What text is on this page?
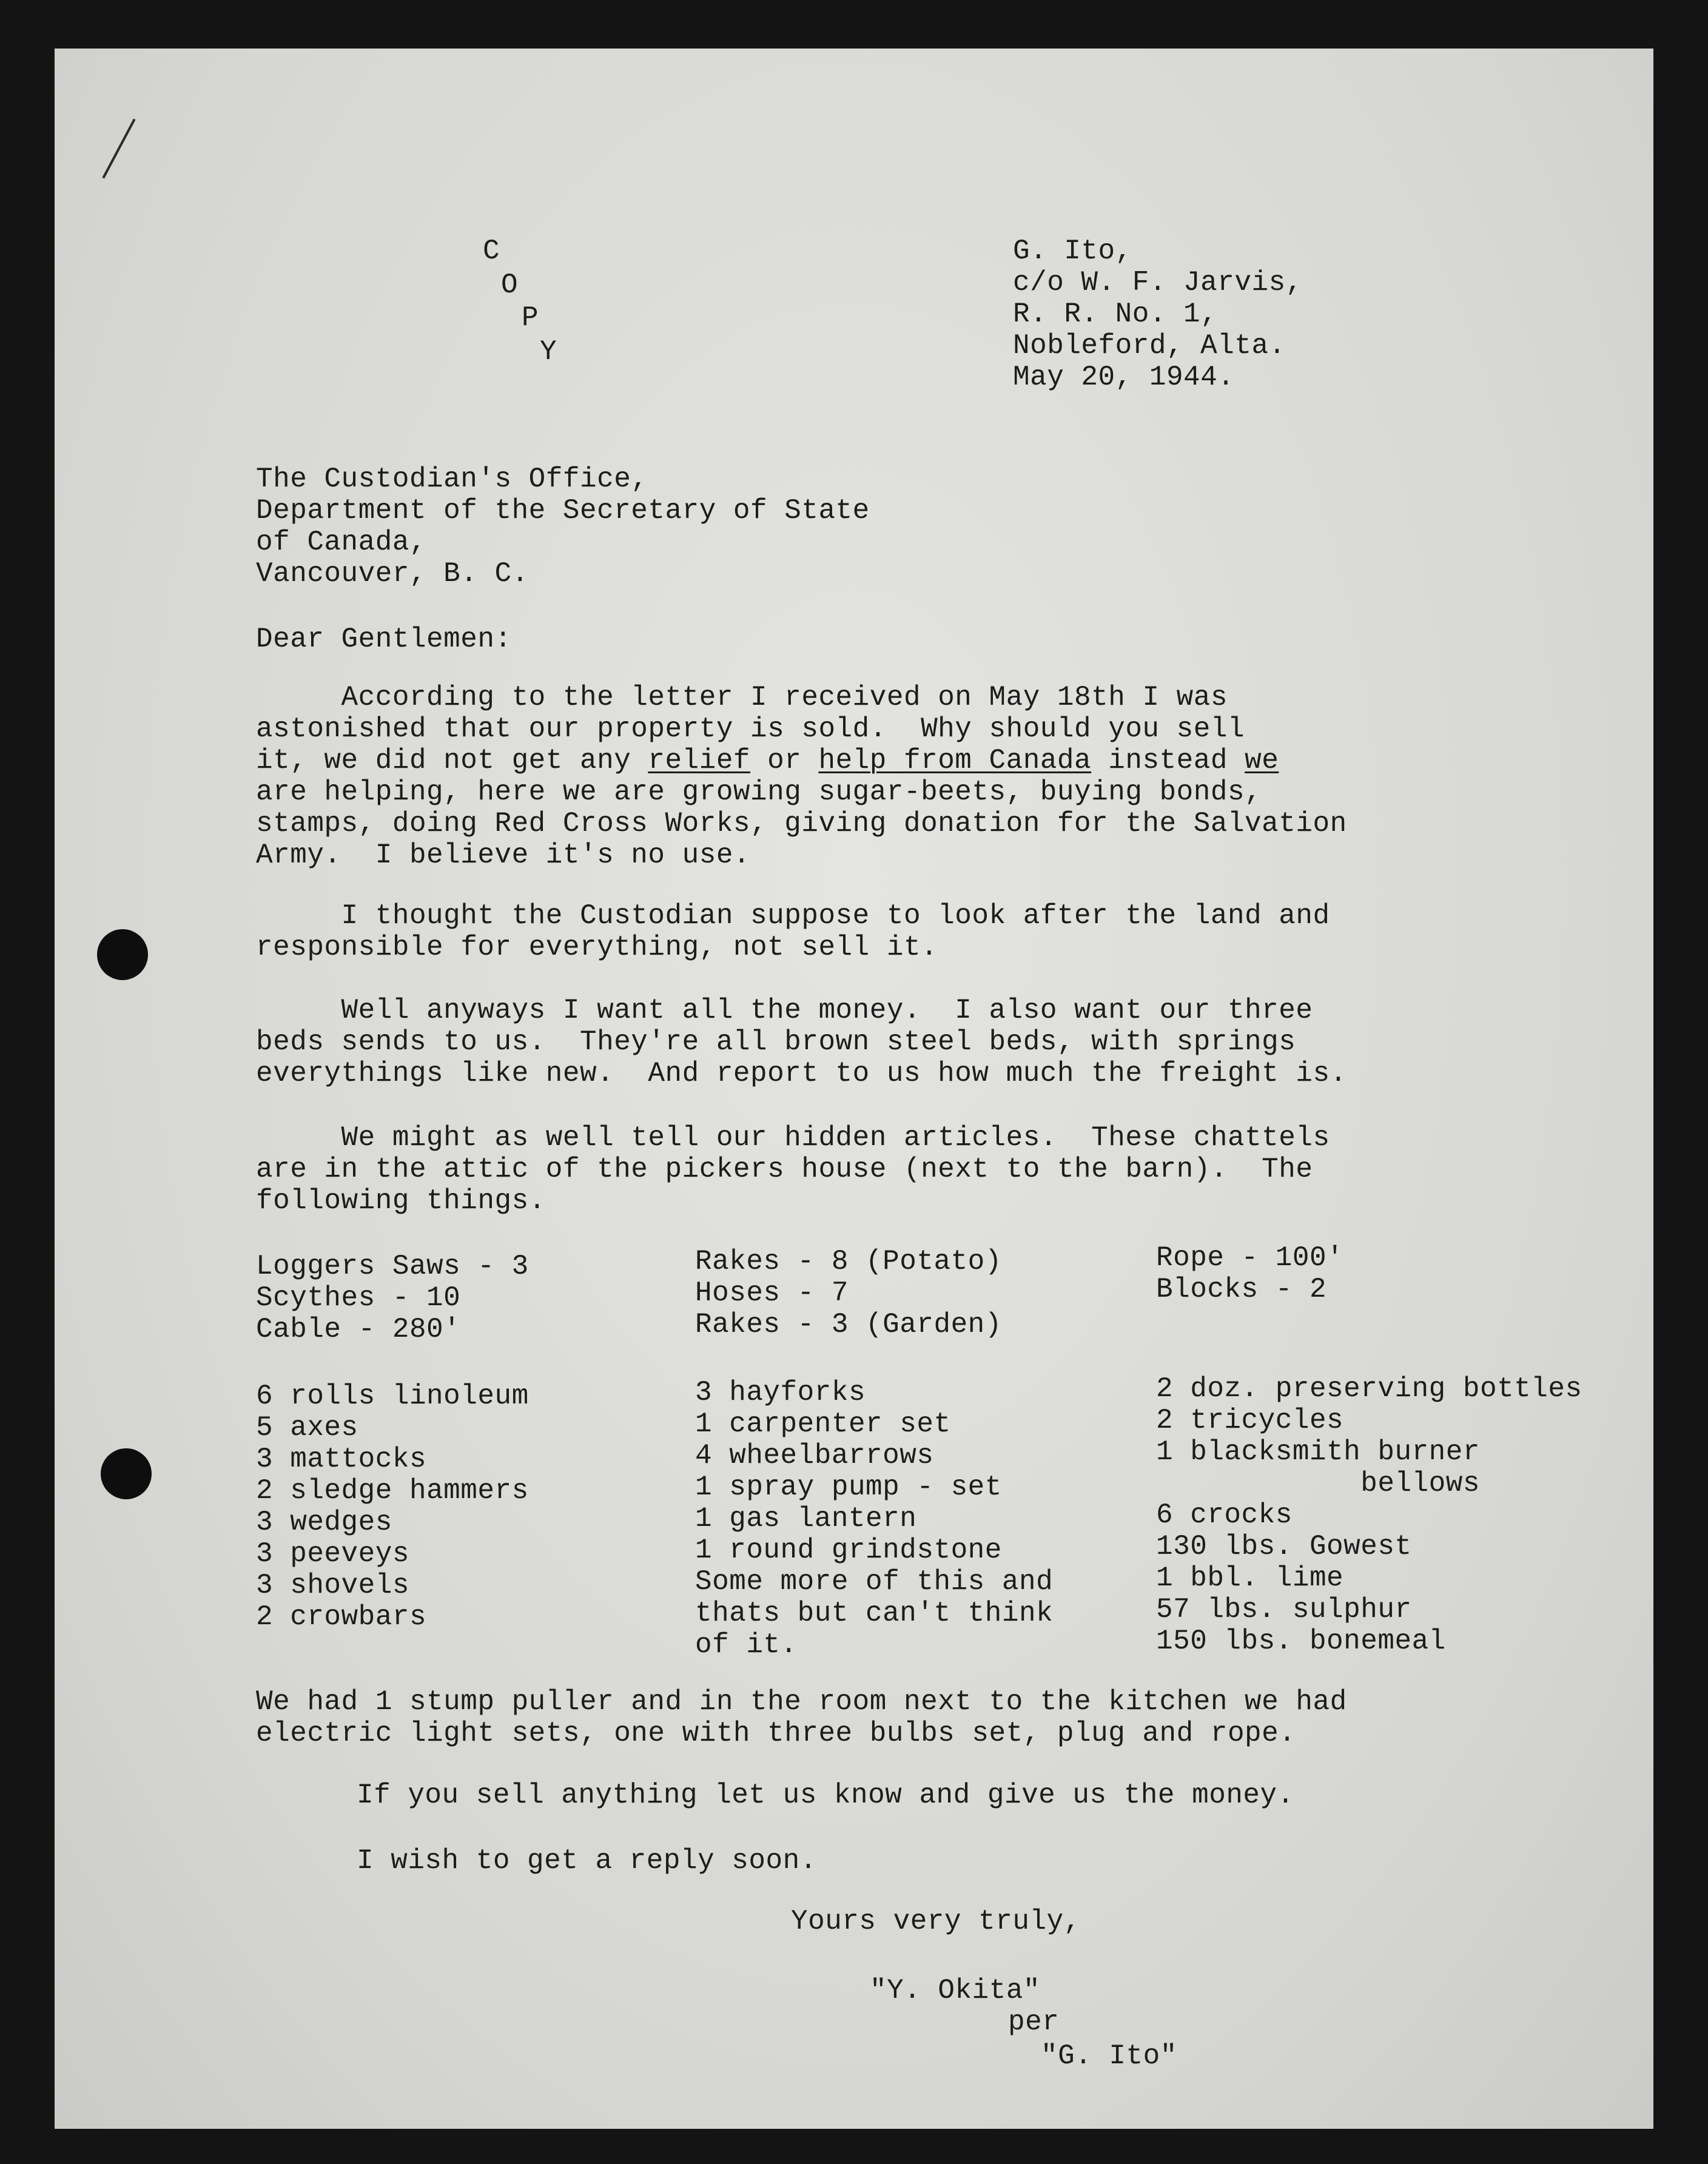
C
O
P
Y
G. Ito,
c/o W. F. Jarvis,
R. R. No. 1,
Nobleford, Alta.
May 20, 1944.
The Custodian's Office,
Department of the Secretary of State
of Canada,
Vancouver, B. C.
Dear Gentlemen:
According to the letter I received on May 18th I was
astonished that our property is sold.  Why should you sell
it, we did not get any relief or help from Canada instead we
are helping, here we are growing sugar-beets, buying bonds,
stamps, doing Red Cross Works, giving donation for the Salvation
Army.  I believe it's no use.
I thought the Custodian suppose to look after the land and
responsible for everything, not sell it.
Well anyways I want all the money.  I also want our three
beds sends to us.  They're all brown steel beds, with springs
everythings like new.  And report to us how much the freight is.
We might as well tell our hidden articles.  These chattels
are in the attic of the pickers house (next to the barn).  The
following things.
Loggers Saws - 3
Scythes - 10
Cable - 280'
Rakes - 8 (Potato)
Hoses - 7
Rakes - 3 (Garden)
Rope - 100'
Blocks - 2
6 rolls linoleum
5 axes
3 mattocks
2 sledge hammers
3 wedges
3 peeveys
3 shovels
2 crowbars
3 hayforks
1 carpenter set
4 wheelbarrows
1 spray pump - set
1 gas lantern
1 round grindstone
Some more of this and
thats but can't think
of it.
2 doz. preserving bottles
2 tricycles
1 blacksmith burner
bellows
6 crocks
130 lbs. Gowest
1 bbl. lime
57 lbs. sulphur
150 lbs. bonemeal
We had 1 stump puller and in the room next to the kitchen we had
electric light sets, one with three bulbs set, plug and rope.
If you sell anything let us know and give us the money.
I wish to get a reply soon.
Yours very truly,
"Y. Okita"
per
"G. Ito"
